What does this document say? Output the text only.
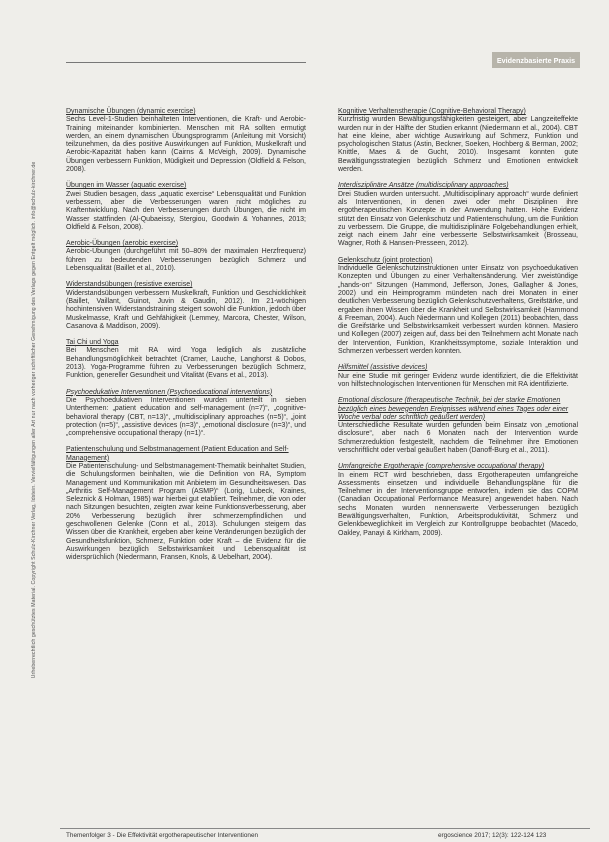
Urheberrechtlich geschütztes Material. Copyright Schulz-Kirchner Verlag, Idstein. Vervielfältigungen aller Art nur nach vorheriger schriftlicher Genehmigung des Verlags gegen Entgelt möglich. info@schulz-kirchner.de
Evidenzbasierte Praxis
Dynamische Übungen (dynamic exercise)
Sechs Level-1-Studien beinhalteten Interventionen, die Kraft- und Aerobic-Training miteinander kombinierten. Menschen mit RA sollten ermutigt werden, an einem dynamischen Übungsprogramm (Anleitung mit Vorsicht) teilzunehmen, da dies positive Auswirkungen auf Funktion, Muskelkraft und Aerobic-Kapazität haben kann (Cairns & McVeigh, 2009). Dynamische Übungen verbessern Funktion, Müdigkeit und Depression (Oldfield & Felson, 2008).
Übungen im Wasser (aquatic exercise)
Zwei Studien besagen, dass „aquatic exercise“ Lebensqualität und Funktion verbessern, aber die Verbesserungen waren nicht mögliches zu Kraftentwicklung. Nach den Verbesserungen durch Übungen, die nicht im Wasser stattfinden (Al-Qubaeissy, Stergiou, Goodwin & Yohannes, 2013; Oldfield & Felson, 2008).
Aerobic-Übungen (aerobic exercise)
Aerobic-Übungen (durchgeführt mit 50–80% der maximalen Herzfrequenz) führen zu bedeutenden Verbesserungen bezüglich Schmerz und Lebensqualität (Baillet et al., 2010).
Widerstandsübungen (resistive exercise)
Widerstandsübungen verbessern Muskelkraft, Funktion und Geschicklichkeit (Baillet, Vaillant, Guinot, Juvin & Gaudin, 2012). Im 21-wöchigen hochintensiven Widerstandstraining steigert sowohl die Funktion, jedoch über Muskelmasse, Kraft und Gehfähigkeit (Lemmey, Marcora, Chester, Wilson, Casanova & Maddison, 2009).
Tai Chi und Yoga
Bei Menschen mit RA wird Yoga lediglich als zusätzliche Behandlungsmöglichkeit betrachtet (Cramer, Lauche, Langhorst & Dobos, 2013). Yoga-Programme führen zu Verbesserungen bezüglich Schmerz, Funktion, genereller Gesundheit und Vitalität (Evans et al., 2013).
Psychoedukative Interventionen (Psychoeducational interventions)
Die Psychoedukativen Interventionen wurden unterteilt in sieben Unterthemen: „patient education and self-management (n=7)“, „cognitive-behavioral therapy (CBT, n=13)“, „multidisciplinary approaches (n=5)“, „joint protection (n=5)“, „assistive devices (n=3)“, „emotional disclosure (n=3)“, und „comprehensive occupational therapy (n=1)“.
Patientenschulung und Selbstmanagement (Patient Education and Self-Management)
Die Patientenschulung- und Selbstmanagement-Thematik beinhaltet Studien, die Schulungsformen beinhalten, wie die Definition von RA, Symptom Management und Kommunikation mit Anbietern im Gesundheitswesen. Das „Arthritis Self-Management Program (ASMP)“ (Lorig, Lubeck, Kraines, Seleznick & Holman, 1985) war hierbei gut etabliert. Teilnehmer, die von oder nach Sitzungen besuchten, zeigten zwar keine Funktionsverbesserung, aber 20% Verbesserung bezüglich ihrer schmerzempfindlichen und geschwollenen Gelenke (Conn et al., 2013). Schulungen steigern das Wissen über die Krankheit, ergeben aber keine Veränderungen bezüglich der Gesundheitsfunktion, Schmerz, Funktion oder Kraft – die Evidenz für die Auswirkungen bezüglich Selbstwirksamkeit und Lebensqualität ist widersprüchlich (Niedermann, Fransen, Knols, & Uebelhart, 2004).
Kognitive Verhaltenstherapie (Cognitive-Behavioral Therapy)
Kurzfristig wurden Bewältigungsfähigkeiten gesteigert, aber Langzeiteffekte wurden nur in der Hälfte der Studien erkannt (Niedermann et al., 2004). CBT hat eine kleine, aber wichtige Auswirkung auf Schmerz, Funktion und psychologischen Status (Astin, Beckner, Soeken, Hochberg & Berman, 2002; Knittle, Maes & de Gucht, 2010). Insgesamt konnten gute Bewältigungsstrategien bezüglich Schmerz und Emotionen entwickelt werden.
Interdisziplinäre Ansätze (multidisciplinary approaches)
Drei Studien wurden untersucht. „Multidisciplinary approach“ wurde definiert als Interventionen, in denen zwei oder mehr Disziplinen ihre ergotherapeutischen Konzepte in der Anwendung hatten. Hohe Evidenz stützt den Einsatz von Gelenkschutz und Patientenschulung, um die Funktion zu verbessern. Die Gruppe, die multidisziplinäre Folgebehandlungen erhielt, zeigt nach einem Jahr eine verbesserte Selbstwirksamkeit (Brosseau, Wagner, Roth & Hansen-Presseen, 2012).
Gelenkschutz (joint protection)
Individuelle Gelenkschutzinstruktionen unter Einsatz von psychoedukativen Konzepten und Übungen zu einer Verhaltensänderung. Vier zweistündige „hands-on“ Sitzungen (Hammond, Jefferson, Jones, Gallagher & Jones, 2002) und ein Heimprogramm mündeten nach drei Monaten in einer deutlichen Verbesserung bezüglich Gelenkschutzverhaltens, Greifstärke, und ergaben ihnen Wissen über die Krankheit und Selbstwirksamkeit (Hammond & Freeman, 2004). Auch Niedermann und Kollegen (2011) beobachten, dass die Greifstärke und Selbstwirksamkeit verbessert wurden können. Masiero und Kollegen (2007) zeigen auf, dass bei den Teilnehmern acht Monate nach der Intervention, Funktion, Krankheitssymptome, soziale Interaktion und Schmerzen verbessert werden konnten.
Hilfsmittel (assistive devices)
Nur eine Studie mit geringer Evidenz wurde identifiziert, die die Effektivität von hilfstechnologischen Interventionen für Menschen mit RA identifizierte.
Emotional disclosure (therapeutische Technik, bei der starke Emotionen bezüglich eines bewegenden Ereignisses während eines Tages oder einer Woche verbal oder schriftlich geäußert werden)
Unterschiedliche Resultate wurden gefunden beim Einsatz von „emotional disclosure“, aber nach 6 Monaten nach der Intervention wurde Schmerzreduktion festgestellt, nachdem die Teilnehmer ihre Emotionen verschriftlicht oder verbal geäußert haben (Danoff-Burg et al., 2011).
Umfangreiche Ergotherapie (comprehensive occupational therapy)
In einem RCT wird beschrieben, dass Ergotherapeuten umfangreiche Assessments einsetzen und individuelle Behandlungspläne für die Teilnehmer in der Interventionsgruppe entworfen, indem sie das COPM (Canadian Occupational Performance Measure) angewendet haben. Nach sechs Monaten wurden nennenswerte Verbesserungen bezüglich Bewältigungsverhalten, Funktion, Arbeitsproduktivität, Schmerz und Gelenkbeweglichkeit im Vergleich zur Kontrollgruppe beobachtet (Macedo, Oakley, Panayi & Kirkham, 2009).
Themenfolger 3 - Die Effektivität ergotherapeutischer Interventionen	ergoscience 2017; 12(3): 122-124 123
